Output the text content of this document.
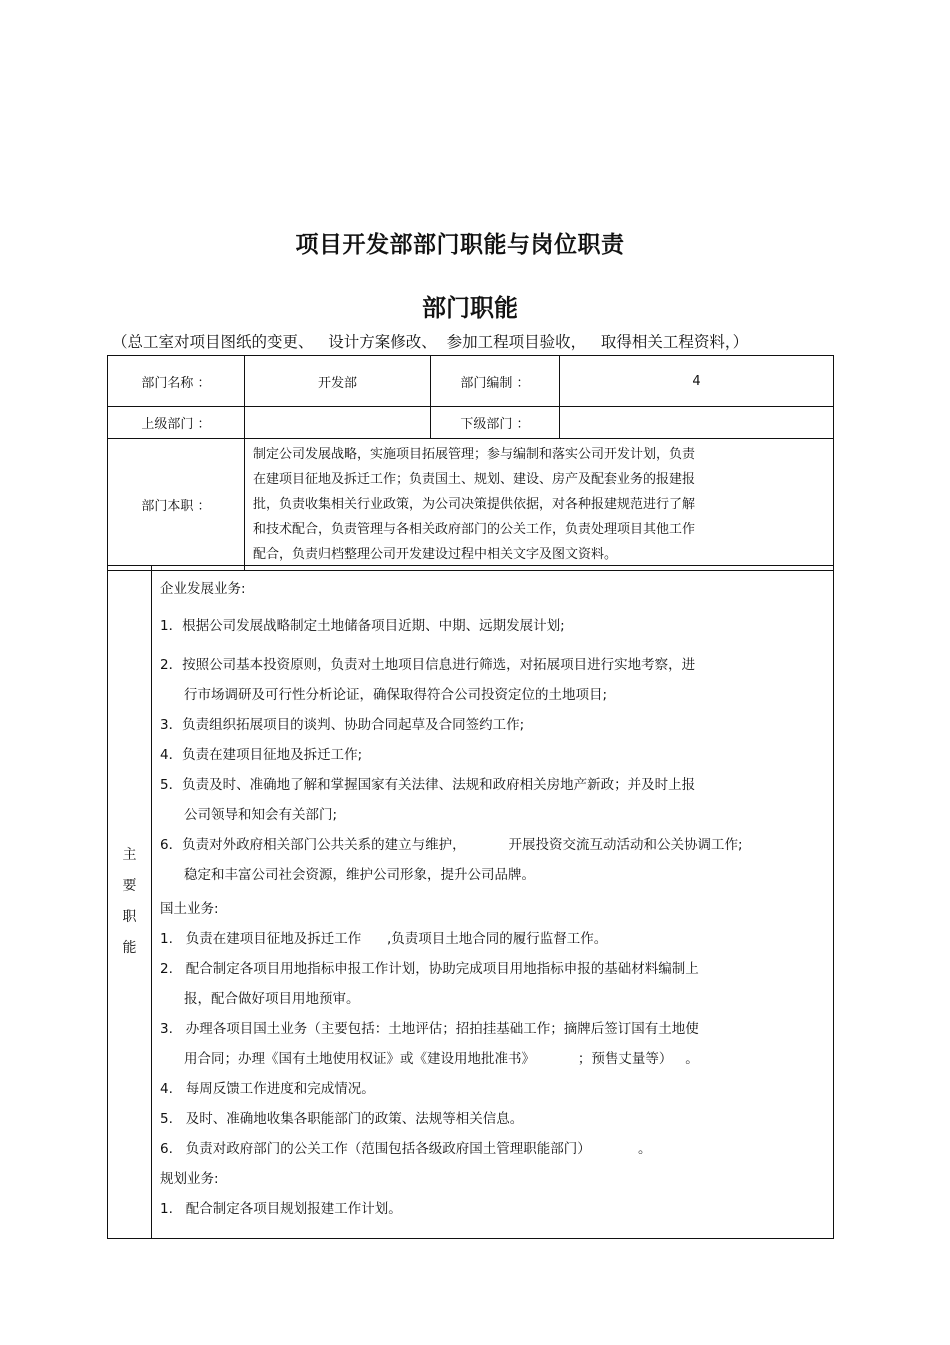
项目开发部部门职能与岗位职责
部门职能

（总工室对项目图纸的变更、   设计方案修改、  参加工程项目验收，   取得相关工程资料，）

部门名称 ：	开发部	部门编制 ：	4
上级部门 ：		下级部门 ：	
部门本职 ：	制定公司发展战略，实施项目拓展管理；参与编制和落实公司开发计划，负责
在建项目征地及拆迁工作；负责国土、规划、建设、房产及配套业务的报建报
批，负责收集相关行业政策，为公司决策提供依据，对各种报建规范进行了解
和技术配合，负责管理与各相关政府部门的公关工作，负责处理项目其他工作
配合，负责归档整理公司开发建设过程中相关文字及图文资料。		
主
要
职
能

企业发展业务:
1．根据公司发展战略制定土地储备项目近期、中期、远期发展计划;
2．按照公司基本投资原则，负责对土地项目信息进行筛选，对拓展项目进行实地考察，进
行市场调研及可行性分析论证，确保取得符合公司投资定位的土地项目;
3．负责组织拓展项目的谈判、协助合同起草及合同签约工作;
4．负责在建项目征地及拆迁工作;
5．负责及时、准确地了解和掌握国家有关法律、法规和政府相关房地产新政；并及时上报
公司领导和知会有关部门;
6．负责对外政府相关部门公共关系的建立与维护，          开展投资交流互动活动和公关协调工作;
稳定和丰富公司社会资源，维护公司形象，提升公司品牌。
国土业务:
1.   负责在建项目征地及拆迁工作      ,负责项目土地合同的履行监督工作。
2.   配合制定各项目用地指标申报工作计划，协助完成项目用地指标申报的基础材料编制上
报，配合做好项目用地预审。
3.   办理各项目国土业务（主要包括：土地评估；招拍挂基础工作；摘牌后签订国有土地使
用合同；办理《国有土地使用权证》或《建设用地批准书》          ；预售丈量等）   。
4.   每周反馈工作进度和完成情况。
5.   及时、准确地收集各职能部门的政策、法规等相关信息。
6.   负责对政府部门的公关工作（范围包括各级政府国土管理职能部门）           。
规划业务:
1.   配合制定各项目规划报建工作计划。
